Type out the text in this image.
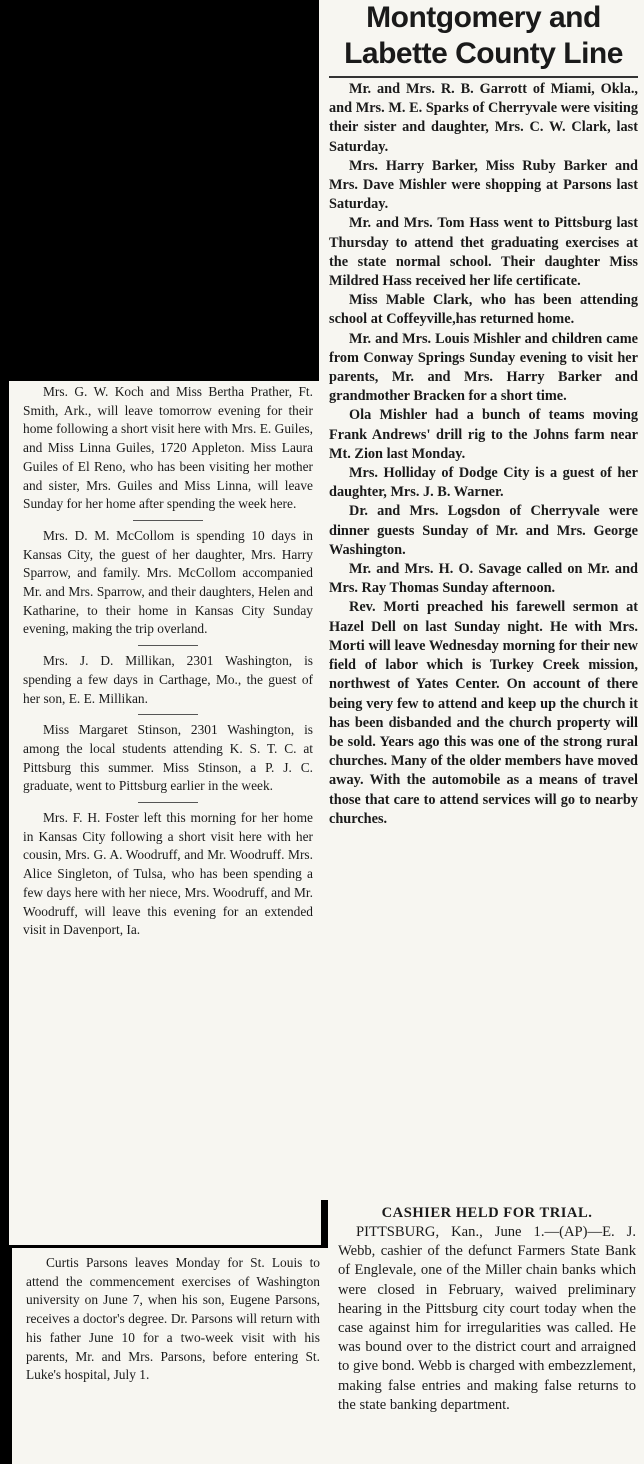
Mrs. G. W. Koch and Miss Bertha Prather, Ft. Smith, Ark., will leave tomorrow evening for their home following a short visit here with Mrs. E. Guiles, and Miss Linna Guiles, 1720 Appleton. Miss Laura Guiles of El Reno, who has been visiting her mother and sister, Mrs. Guiles and Miss Linna, will leave Sunday for her home after spending the week here.

Mrs. D. M. McCollom is spending 10 days in Kansas City, the guest of her daughter, Mrs. Harry Sparrow, and family. Mrs. McCollom accompanied Mr. and Mrs. Sparrow, and their daughters, Helen and Katharine, to their home in Kansas City Sunday evening, making the trip overland.

Mrs. J. D. Millikan, 2301 Washington, is spending a few days in Carthage, Mo., the guest of her son, E. E. Millikan.

Miss Margaret Stinson, 2301 Washington, is among the local students attending K. S. T. C. at Pittsburg this summer. Miss Stinson, a P. J. C. graduate, went to Pittsburg earlier in the week.

Mrs. F. H. Foster left this morning for her home in Kansas City following a short visit here with her cousin, Mrs. G. A. Woodruff, and Mr. Woodruff. Mrs. Alice Singleton, of Tulsa, who has been spending a few days here with her niece, Mrs. Woodruff, and Mr. Woodruff, will leave this evening for an extended visit in Davenport, Ia.

Curtis Parsons leaves Monday for St. Louis to attend the commencement exercises of Washington university on June 7, when his son, Eugene Parsons, receives a doctor's degree. Dr. Parsons will return with his father June 10 for a two-week visit with his parents, Mr. and Mrs. Parsons, before entering St. Luke's hospital, July 1.

Montgomery and Labette County Line

Mr. and Mrs. R. B. Garrott of Miami, Okla., and Mrs. M. E. Sparks of Cherryvale were visiting their sister and daughter, Mrs. C. W. Clark, last Saturday.

Mrs. Harry Barker, Miss Ruby Barker and Mrs. Dave Mishler were shopping at Parsons last Saturday.

Mr. and Mrs. Tom Hass went to Pittsburg last Thursday to attend thet graduating exercises at the state normal school. Their daughter Miss Mildred Hass received her life certificate.

Miss Mable Clark, who has been attending school at Coffeyville,has returned home.

Mr. and Mrs. Louis Mishler and children came from Conway Springs Sunday evening to visit her parents, Mr. and Mrs. Harry Barker and grandmother Bracken for a short time.

Ola Mishler had a bunch of teams moving Frank Andrews' drill rig to the Johns farm near Mt. Zion last Monday.

Mrs. Holliday of Dodge City is a guest of her daughter, Mrs. J. B. Warner.

Dr. and Mrs. Logsdon of Cherryvale were dinner guests Sunday of Mr. and Mrs. George Washington.

Mr. and Mrs. H. O. Savage called on Mr. and Mrs. Ray Thomas Sunday afternoon.

Rev. Morti preached his farewell sermon at Hazel Dell on last Sunday night. He with Mrs. Morti will leave Wednesday morning for their new field of labor which is Turkey Creek mission, northwest of Yates Center. On account of there being very few to attend and keep up the church it has been disbanded and the church property will be sold. Years ago this was one of the strong rural churches. Many of the older members have moved away. With the automobile as a means of travel those that care to attend services will go to nearby churches.

CASHIER HELD FOR TRIAL.

PITTSBURG, Kan., June 1.—(AP)—E. J. Webb, cashier of the defunct Farmers State Bank of Englevale, one of the Miller chain banks which were closed in February, waived preliminary hearing in the Pittsburg city court today when the case against him for irregularities was called. He was bound over to the district court and arraigned to give bond. Webb is charged with embezzlement, making false entries and making false returns to the state banking department.
